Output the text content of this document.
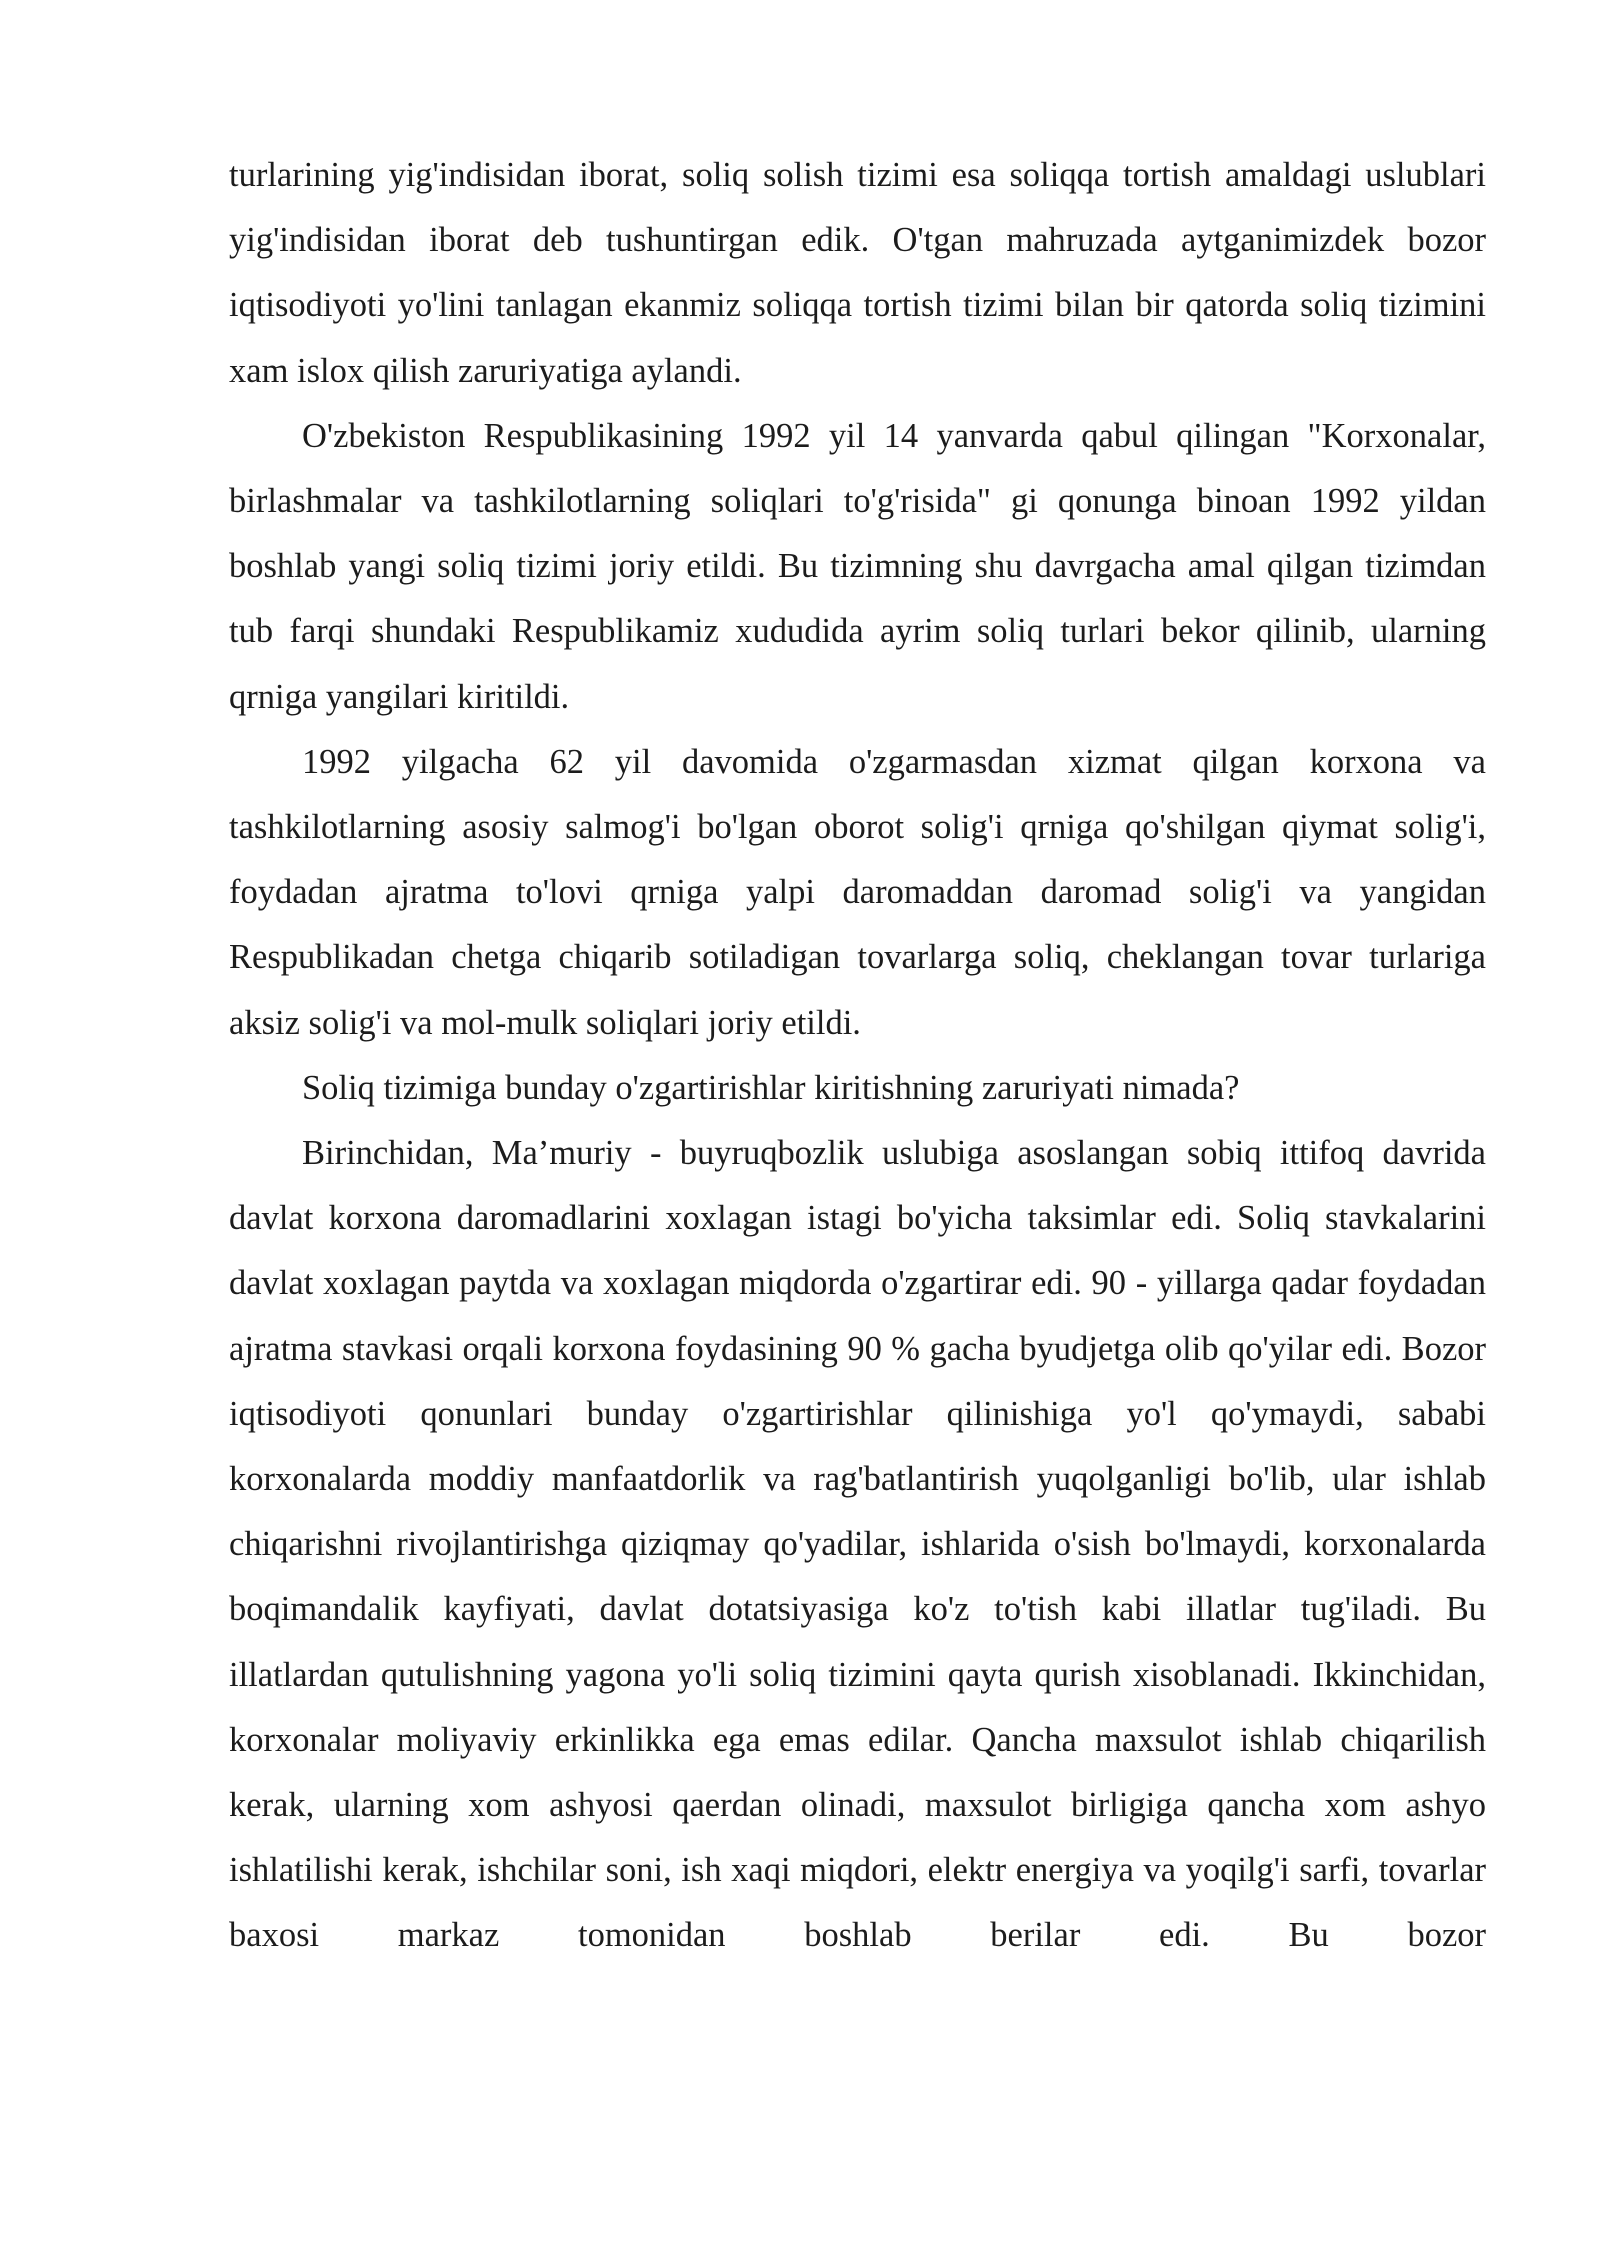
turlarining yig'indisidan iborat, soliq solish tizimi esa soliqqa tortish amaldagi uslublari yig'indisidan iborat deb tushuntirgan edik. O'tgan mahruzada aytganimizdek bozor iqtisodiyoti yo'lini tanlagan ekanmiz soliqqa tortish tizimi bilan bir qatorda soliq tizimini xam islox qilish zaruriyatiga aylandi.

O'zbekiston Respublikasining 1992 yil 14 yanvarda qabul qilingan "Korxonalar, birlashmalar va tashkilotlarning soliqlari to'g'risida" gi qonunga binoan 1992 yildan boshlab yangi soliq tizimi joriy etildi. Bu tizimning shu davrgacha amal qilgan tizimdan tub farqi shundaki Respublikamiz xududida ayrim soliq turlari bekor qilinib, ularning qrniga yangilari kiritildi.

1992 yilgacha 62 yil davomida o'zgarmasdan xizmat qilgan korxona va tashkilotlarning asosiy salmog'i bo'lgan oborot solig'i qrniga qo'shilgan qiymat solig'i, foydadan ajratma to'lovi qrniga yalpi daromaddan daromad solig'i va yangidan Respublikadan chetga chiqarib sotiladigan tovarlarga soliq, cheklangan tovar turlariga aksiz solig'i va mol-mulk soliqlari joriy etildi.

Soliq tizimiga bunday o'zgartirishlar kiritishning zaruriyati nimada?

Birinchidan, Ma’muriy - buyruqbozlik uslubiga asoslangan sobiq ittifoq davrida davlat korxona daromadlarini xoxlagan istagi bo'yicha taksimlar edi. Soliq stavkalarini davlat xoxlagan paytda va xoxlagan miqdorda o'zgartirar edi. 90 - yillarga qadar foydadan ajratma stavkasi orqali korxona foydasining 90 % gacha byudjetga olib qo'yilar edi. Bozor iqtisodiyoti qonunlari bunday o'zgartirishlar qilinishiga yo'l qo'ymaydi, sababi korxonalarda moddiy manfaatdorlik va rag'batlantirish yuqolganligi bo'lib, ular ishlab chiqarishni rivojlantirishga qiziqmay qo'yadilar, ishlarida o'sish bo'lmaydi, korxonalarda boqimandalik kayfiyati, davlat dotatsiyasiga ko'z to'tish kabi illatlar tug'iladi. Bu illatlardan qutulishning yagona yo'li soliq tizimini qayta qurish xisoblanadi. Ikkinchidan, korxonalar moliyaviy erkinlikka ega emas edilar. Qancha maxsulot ishlab chiqarilish kerak, ularning xom ashyosi qaerdan olinadi, maxsulot birligiga qancha xom ashyo ishlatilishi kerak, ishchilar soni, ish xaqi miqdori, elektr energiya va yoqilg'i sarfi, tovarlar baxosi markaz tomonidan boshlab berilar edi. Bu bozor
